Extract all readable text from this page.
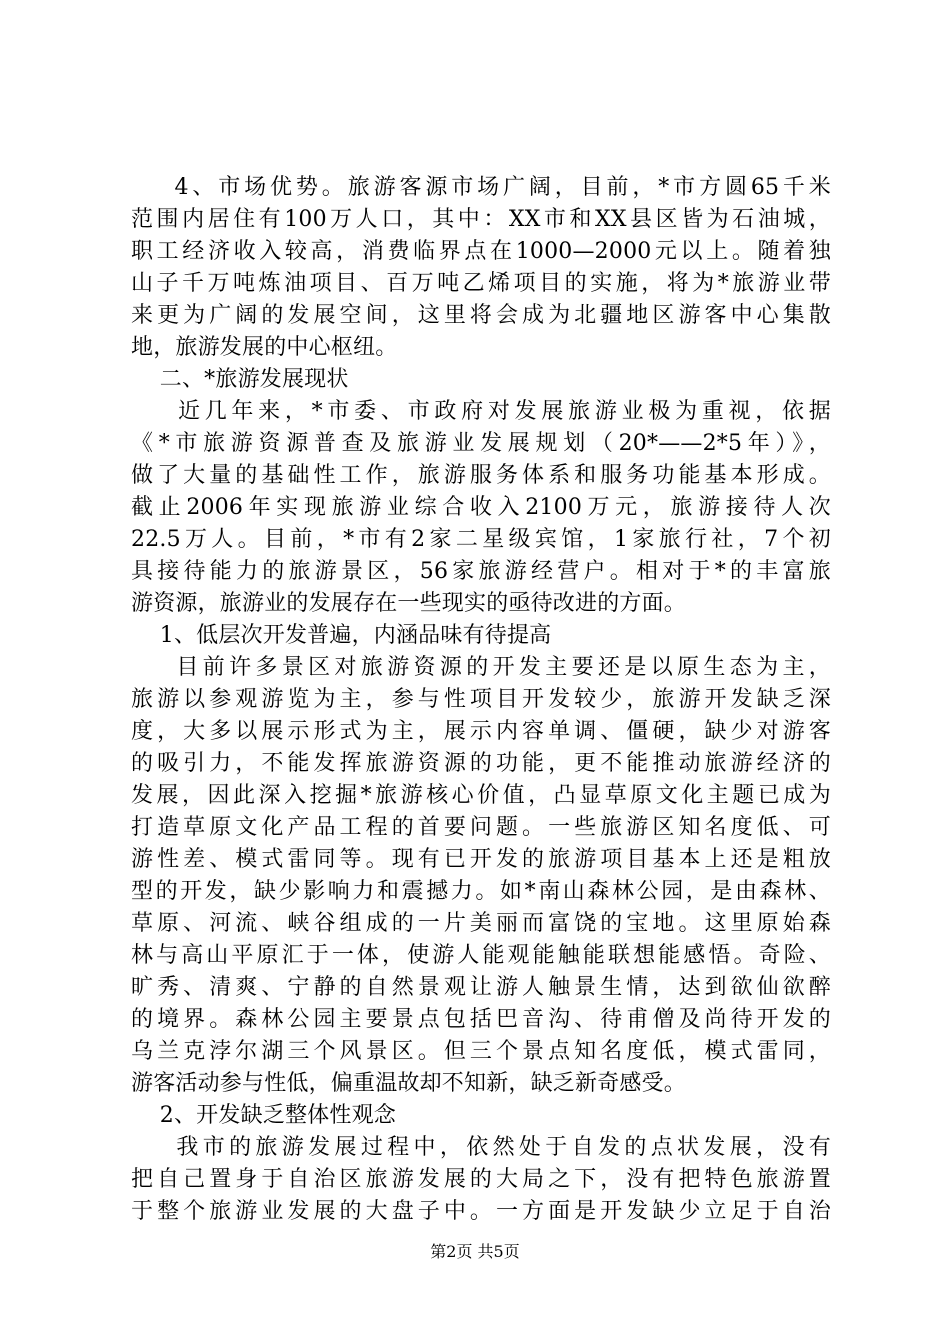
4、市场优势。旅游客源市场广阔，目前，*市方圆65千米
范围内居住有100万人口，其中：XX市和XX县区皆为石油城，
职工经济收入较高，消费临界点在1000—2000元以上。随着独
山子千万吨炼油项目、百万吨乙烯项目的实施，将为*旅游业带
来更为广阔的发展空间，这里将会成为北疆地区游客中心集散
地，旅游发展的中心枢纽。
二、*旅游发展现状
近几年来，*市委、市政府对发展旅游业极为重视，依据
《*市旅游资源普查及旅游业发展规划（20*——2*5年）》，
做了大量的基础性工作，旅游服务体系和服务功能基本形成。
截止2006年实现旅游业综合收入2100万元，旅游接待人次
22.5万人。目前，*市有2家二星级宾馆，1家旅行社，7个初
具接待能力的旅游景区，56家旅游经营户。相对于*的丰富旅
游资源，旅游业的发展存在一些现实的亟待改进的方面。
1、低层次开发普遍，内涵品味有待提高
目前许多景区对旅游资源的开发主要还是以原生态为主，
旅游以参观游览为主，参与性项目开发较少，旅游开发缺乏深
度，大多以展示形式为主，展示内容单调、僵硬，缺少对游客
的吸引力，不能发挥旅游资源的功能，更不能推动旅游经济的
发展，因此深入挖掘*旅游核心价值，凸显草原文化主题已成为
打造草原文化产品工程的首要问题。一些旅游区知名度低、可
游性差、模式雷同等。现有已开发的旅游项目基本上还是粗放
型的开发，缺少影响力和震撼力。如*南山森林公园，是由森林、
草原、河流、峡谷组成的一片美丽而富饶的宝地。这里原始森
林与高山平原汇于一体，使游人能观能触能联想能感悟。奇险、
旷秀、清爽、宁静的自然景观让游人触景生情，达到欲仙欲醉
的境界。森林公园主要景点包括巴音沟、待甫僧及尚待开发的
乌兰克浡尔湖三个风景区。但三个景点知名度低，模式雷同，
游客活动参与性低，偏重温故却不知新，缺乏新奇感受。
2、开发缺乏整体性观念
我市的旅游发展过程中，依然处于自发的点状发展，没有
把自己置身于自治区旅游发展的大局之下，没有把特色旅游置
于整个旅游业发展的大盘子中。一方面是开发缺少立足于自治
第2页 共5页
